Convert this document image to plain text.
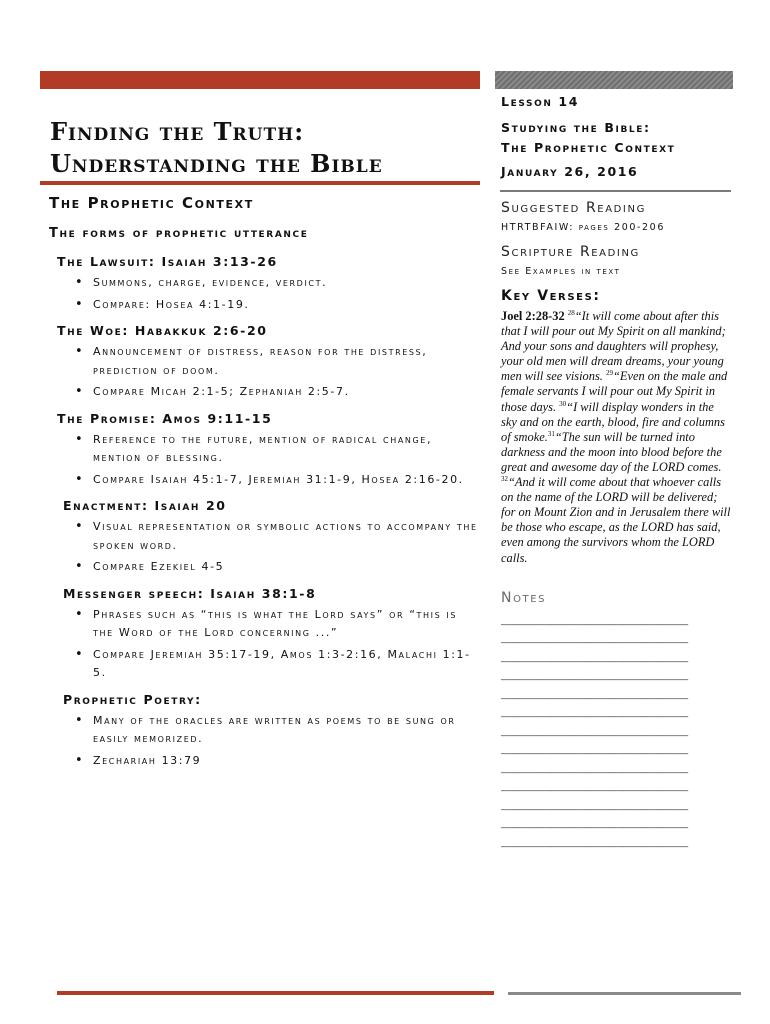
Finding the Truth:
Understanding the Bible

The Prophetic Context

The forms of prophetic utterance

The Lawsuit: Isaiah 3:13-26

• Summons, charge, evidence, verdict.
• Compare: Hosea 4:1-19.

The Woe: Habakkuk 2:6-20

• Announcement of distress, reason for the distress, prediction of doom.
• Compare Micah 2:1-5; Zephaniah 2:5-7.

The Promise: Amos 9:11-15

• Reference to the future, mention of radical change, mention of blessing.
• Compare Isaiah 45:1-7, Jeremiah 31:1-9, Hosea 2:16-20.

Enactment: Isaiah 20

• Visual representation or symbolic actions to accompany the spoken word.
• Compare Ezekiel 4-5

Messenger speech: Isaiah 38:1-8

• Phrases such as “this is what the Lord says” or “this is the Word of the Lord concerning ...”
• Compare Jeremiah 35:17-19, Amos 1:3-2:16, Malachi 1:1-5.

Prophetic Poetry:

• Many of the oracles are written as poems to be sung or easily memorized.
• Zechariah 13:79

Lesson 14

Studying the Bible:

The Prophetic Context

January 26, 2016

Suggested Reading

HTRTBFAIW: pages 200-206

Scripture Reading

See Examples in text

Key Verses:

Joel 2:28-32 $^{28}$“It will come about after this that I will pour out My Spirit on all mankind; And your sons and daughters will prophesy, your old men will dream dreams, your young men will see visions. $^{29}$“Even on the male and female servants I will pour out My Spirit in those days. $^{30}$“I will display wonders in the sky and on the earth, blood, fire and columns of smoke.$^{31}$“The sun will be turned into darkness and the moon into blood before the great and awesome day of the LORD comes. $^{32}$“And it will come about that whoever calls on the name of the LORD will be delivered; for on Mount Zion and in Jerusalem there will be those who escape, as the LORD has said, even among the survivors whom the LORD calls.

Notes

__________________________

__________________________

__________________________

__________________________

__________________________

__________________________

__________________________

__________________________

__________________________

__________________________

__________________________

__________________________

__________________________
